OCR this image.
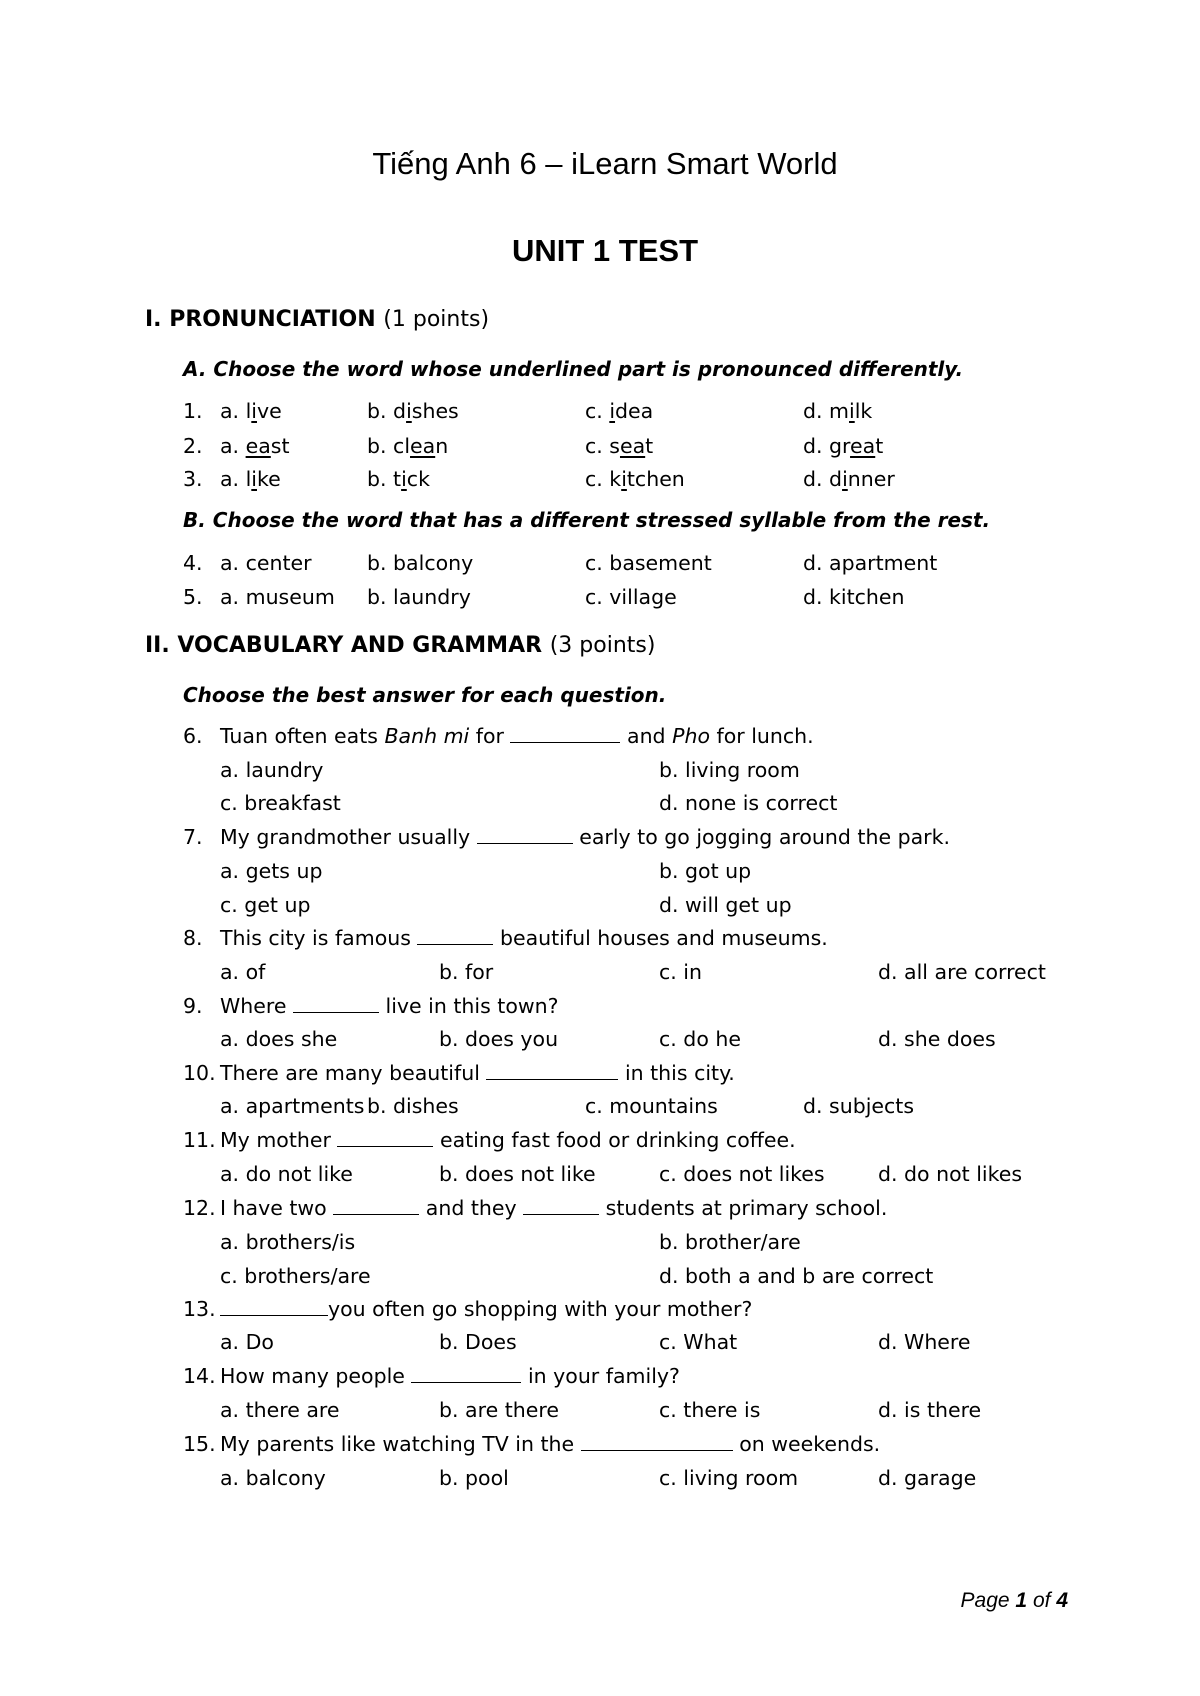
Tiếng Anh 6 – iLearn Smart World
UNIT 1 TEST
I. PRONUNCIATION (1 points)
A. Choose the word whose underlined part is pronounced differently.
1. a. live	b. dishes	c. idea	d. milk
2. a. east	b. clean	c. seat	d. great
3. a. like	b. tick	c. kitchen	d. dinner
B. Choose the word that has a different stressed syllable from the rest.
4. a. center	b. balcony	c. basement	d. apartment
5. a. museum b. laundry	c. village	d. kitchen
II. VOCABULARY AND GRAMMAR (3 points)
Choose the best answer for each question.
6. Tuan often eats Banh mi for	and Pho for lunch.
a. laundry	b. living room
c. breakfast	d. none is correct
7. My grandmother usually	early to go jogging around the park.
a. gets up	b. got up
c. get up	d. will get up
8. This city is famous	beautiful houses and museums.
a. of	b. for	c. in	d. all are correct
9. Where	live in this town?
a. does she	b. does you	c. do he	d. she does
10. There are many beautiful	in this city.
a. apartments b. dishes	c. mountains	d. subjects
11. My mother	eating fast food or drinking coffee.
a. do not like	b. does not like	c. does not likes	d. do not likes
12. I have two	and they	students at primary school.
a. brothers/is	b. brother/are
c. brothers/are	d. both a and b are correct
13.	you often go shopping with your mother?
a. Do	b. Does	c. What	d. Where
14. How many people	in your family?
a. there are	b. are there	c. there is	d. is there
15. My parents like watching TV in the	on weekends.
a. balcony	b. pool	c. living room	d. garage
Page 1 of 4
